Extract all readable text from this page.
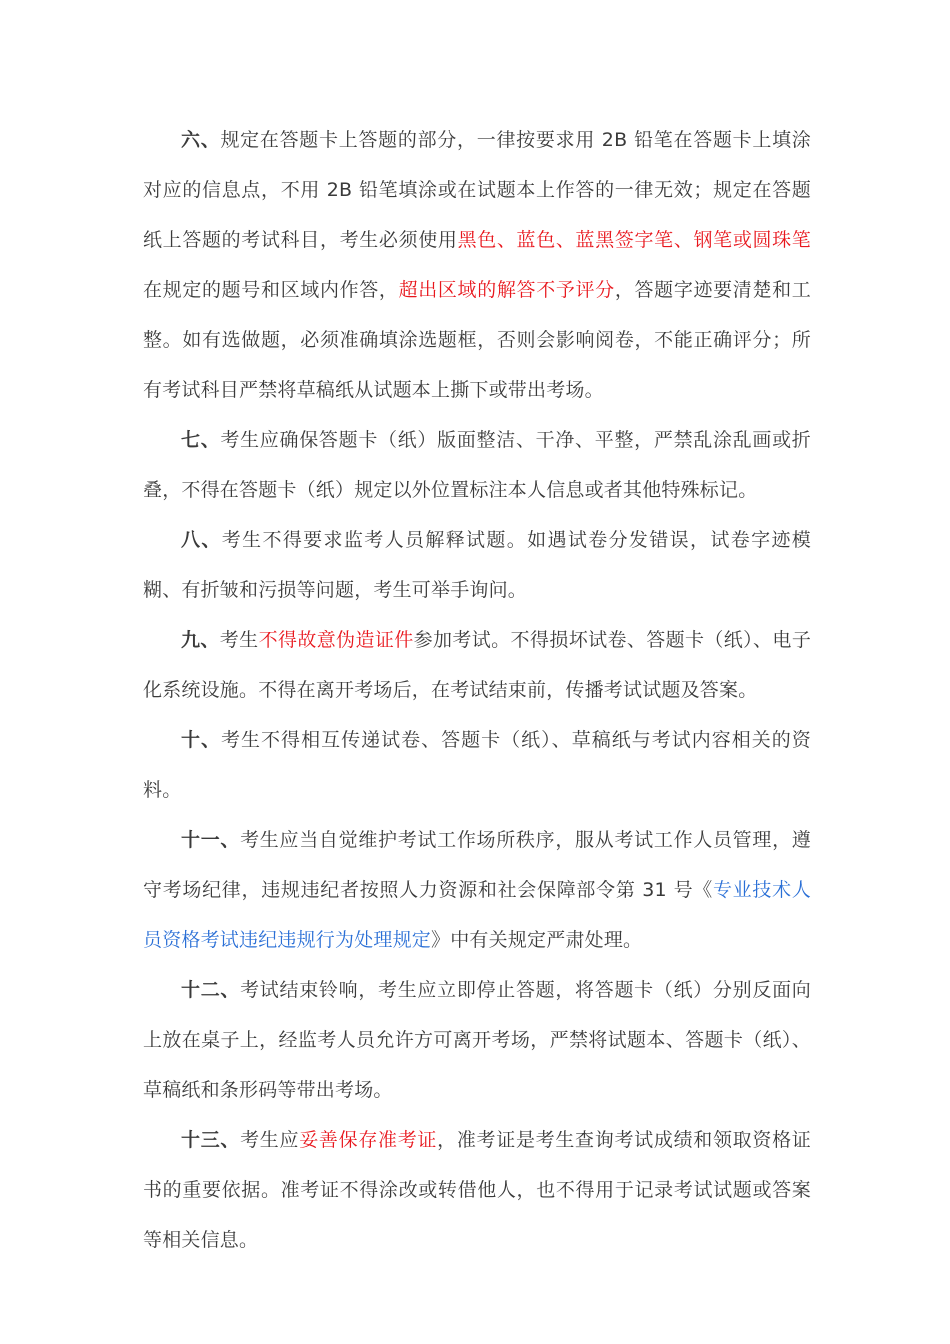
六、规定在答题卡上答题的部分，一律按要求用 2B 铅笔在答题卡上填涂对应的信息点，不用 2B 铅笔填涂或在试题本上作答的一律无效；规定在答题纸上答题的考试科目，考生必须使用黑色、蓝色、蓝黑签字笔、钢笔或圆珠笔在规定的题号和区域内作答，超出区域的解答不予评分，答题字迹要清楚和工整。如有选做题，必须准确填涂选题框，否则会影响阅卷，不能正确评分；所有考试科目严禁将草稿纸从试题本上撕下或带出考场。

七、考生应确保答题卡（纸）版面整洁、干净、平整，严禁乱涂乱画或折叠，不得在答题卡（纸）规定以外位置标注本人信息或者其他特殊标记。

八、考生不得要求监考人员解释试题。如遇试卷分发错误，试卷字迹模糊、有折皱和污损等问题，考生可举手询问。

九、考生不得故意伪造证件参加考试。不得损坏试卷、答题卡（纸）、电子化系统设施。不得在离开考场后，在考试结束前，传播考试试题及答案。

十、考生不得相互传递试卷、答题卡（纸）、草稿纸与考试内容相关的资料。

十一、考生应当自觉维护考试工作场所秩序，服从考试工作人员管理，遵守考场纪律，违规违纪者按照人力资源和社会保障部令第 31 号《专业技术人员资格考试违纪违规行为处理规定》中有关规定严肃处理。

十二、考试结束铃响，考生应立即停止答题，将答题卡（纸）分别反面向上放在桌子上，经监考人员允许方可离开考场，严禁将试题本、答题卡（纸）、草稿纸和条形码等带出考场。

十三、考生应妥善保存准考证，准考证是考生查询考试成绩和领取资格证书的重要依据。准考证不得涂改或转借他人，也不得用于记录考试试题或答案等相关信息。
